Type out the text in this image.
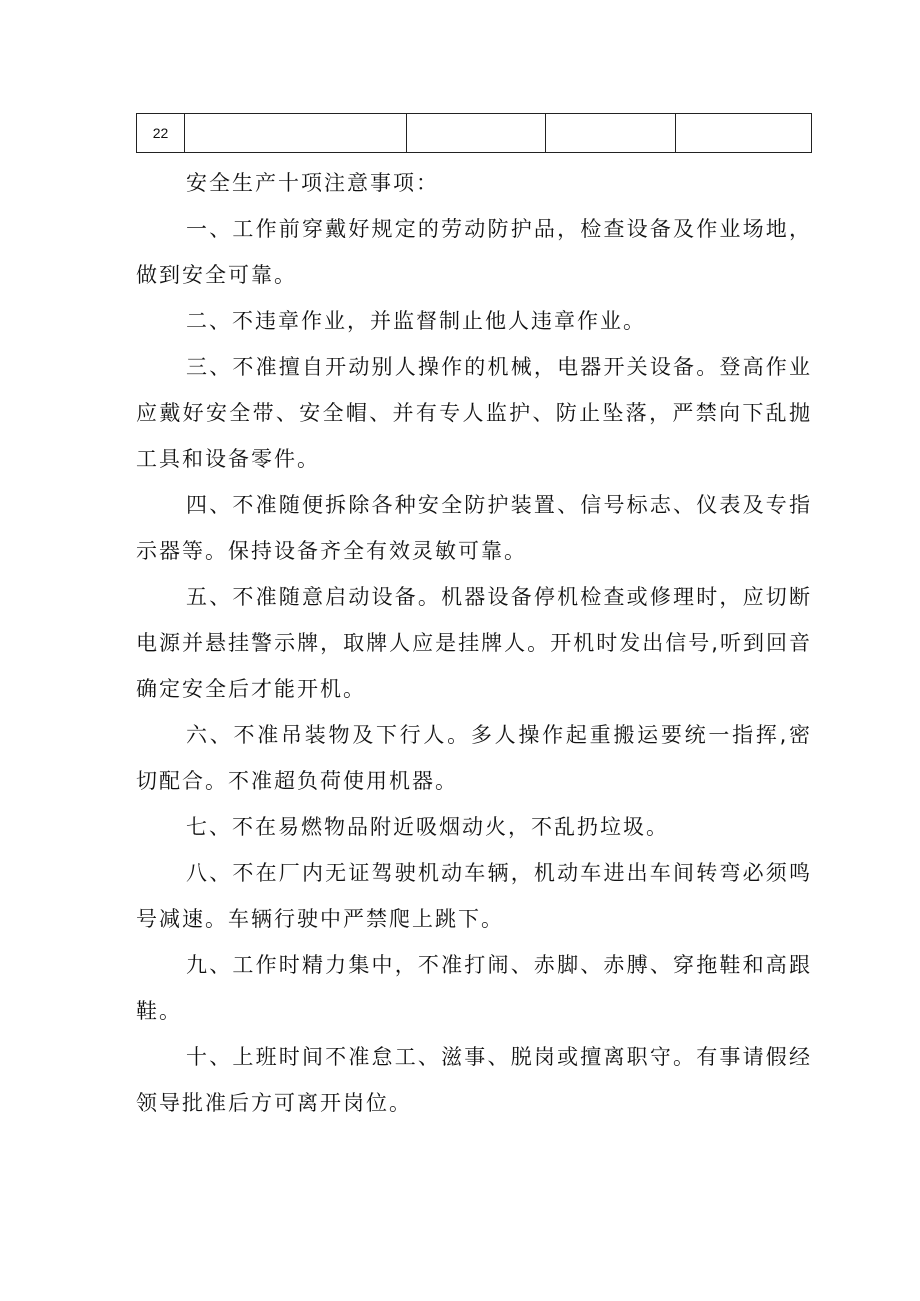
22				

安全生产十项注意事项：

一、工作前穿戴好规定的劳动防护品，检查设备及作业场地，做到安全可靠。
二、不违章作业，并监督制止他人违章作业。
三、不准擅自开动别人操作的机械，电器开关设备。登高作业应戴好安全带、安全帽、并有专人监护、防止坠落，严禁向下乱抛工具和设备零件。
四、不准随便拆除各种安全防护装置、信号标志、仪表及专指示器等。保持设备齐全有效灵敏可靠。
五、不准随意启动设备。机器设备停机检查或修理时，应切断电源并悬挂警示牌，取牌人应是挂牌人。开机时发出信号,听到回音确定安全后才能开机。
六、不准吊装物及下行人。多人操作起重搬运要统一指挥,密切配合。不准超负荷使用机器。
七、不在易燃物品附近吸烟动火，不乱扔垃圾。
八、不在厂内无证驾驶机动车辆，机动车进出车间转弯必须鸣号减速。车辆行驶中严禁爬上跳下。
九、工作时精力集中，不准打闹、赤脚、赤膊、穿拖鞋和高跟鞋。
十、上班时间不准怠工、滋事、脱岗或擅离职守。有事请假经领导批准后方可离开岗位。
